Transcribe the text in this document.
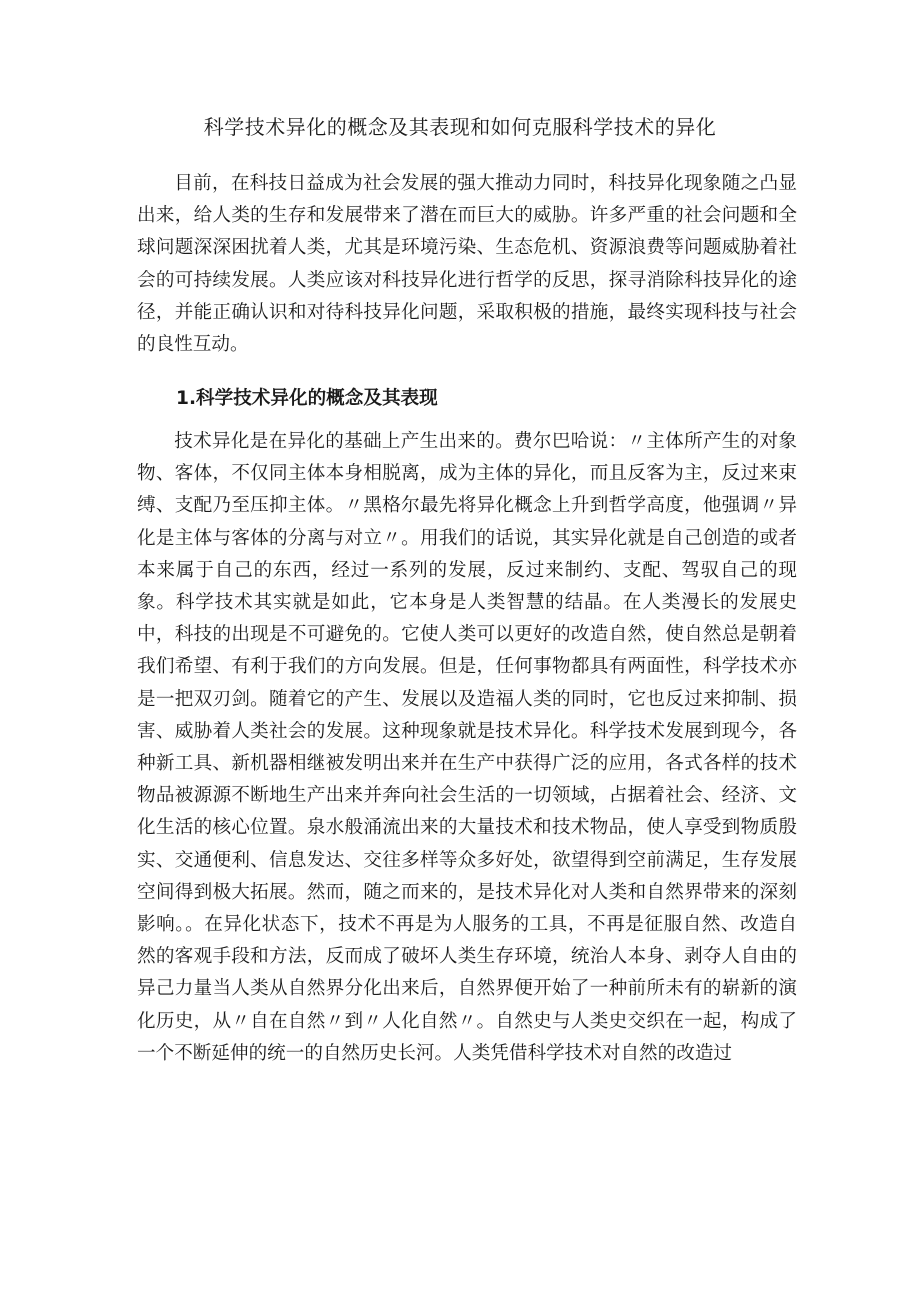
科学技术异化的概念及其表现和如何克服科学技术的异化

目前，在科技日益成为社会发展的强大推动力同时，科技异化现象随之凸显出来，给人类的生存和发展带来了潜在而巨大的威胁。许多严重的社会问题和全球问题深深困扰着人类，尤其是环境污染、生态危机、资源浪费等问题威胁着社会的可持续发展。人类应该对科技异化进行哲学的反思，探寻消除科技异化的途径，并能正确认识和对待科技异化问题，采取积极的措施，最终实现科技与社会的良性互动。

1.科学技术异化的概念及其表现

技术异化是在异化的基础上产生出来的。费尔巴哈说：〃主体所产生的对象物、客体，不仅同主体本身相脱离，成为主体的异化，而且反客为主，反过来束缚、支配乃至压抑主体。〃黑格尔最先将异化概念上升到哲学高度，他强调〃异化是主体与客体的分离与对立〃。用我们的话说，其实异化就是自己创造的或者本来属于自己的东西，经过一系列的发展，反过来制约、支配、驾驭自己的现象。科学技术其实就是如此，它本身是人类智慧的结晶。在人类漫长的发展史中，科技的出现是不可避免的。它使人类可以更好的改造自然，使自然总是朝着我们希望、有利于我们的方向发展。但是，任何事物都具有两面性，科学技术亦是一把双刃剑。随着它的产生、发展以及造福人类的同时，它也反过来抑制、损害、威胁着人类社会的发展。这种现象就是技术异化。科学技术发展到现今，各种新工具、新机器相继被发明出来并在生产中获得广泛的应用，各式各样的技术物品被源源不断地生产出来并奔向社会生活的一切领域，占据着社会、经济、文化生活的核心位置。泉水般涌流出来的大量技术和技术物品，使人享受到物质殷实、交通便利、信息发达、交往多样等众多好处，欲望得到空前满足，生存发展空间得到极大拓展。然而，随之而来的，是技术异化对人类和自然界带来的深刻影响。。在异化状态下，技术不再是为人服务的工具，不再是征服自然、改造自然的客观手段和方法，反而成了破坏人类生存环境，统治人本身、剥夺人自由的异己力量当人类从自然界分化出来后，自然界便开始了一种前所未有的崭新的演化历史，从〃自在自然〃到〃人化自然〃。自然史与人类史交织在一起，构成了一个不断延伸的统一的自然历史长河。人类凭借科学技术对自然的改造过
